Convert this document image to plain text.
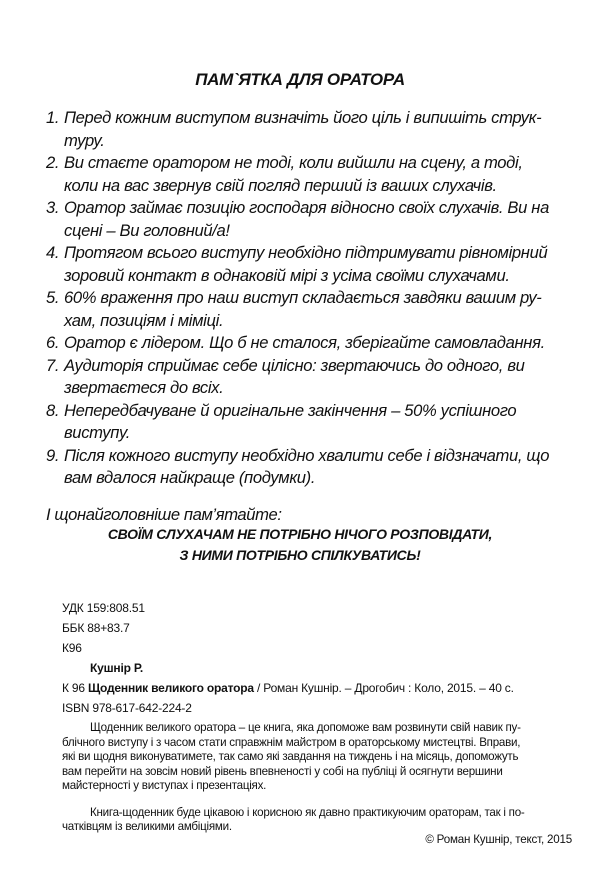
ПАМ`ЯТКА ДЛЯ ОРАТОРА
1. Перед кожним виступом визначіть його ціль і випишіть струк-
туру.
2. Ви стаєте оратором не тоді, коли вийшли на сцену, а тоді,
коли на вас звернув свій погляд перший із ваших слухачів.
3. Оратор займає позицію господаря відносно своїх слухачів. Ви на
сцені – Ви головний/а!
4. Протягом всього виступу необхідно підтримувати рівномірний
зоровий контакт в однаковій мірі з усіма своїми слухачами.
5. 60% враження про наш виступ складається завдяки вашим ру-
хам, позиціям і міміці.
6. Оратор є лідером. Що б не сталося, зберігайте самовладання.
7. Аудиторія сприймає себе цілісно: звертаючись до одного, ви
звертаєтеся до всіх.
8. Непередбачуване й оригінальне закінчення – 50% успішного
виступу.
9. Після кожного виступу необхідно хвалити себе і відзначати, що
вам вдалося найкраще (подумки).
І щонайголовніше пам’ятайте:
СВОЇМ СЛУХАЧАМ НЕ ПОТРІБНО НІЧОГО РОЗПОВІДАТИ,
З НИМИ ПОТРІБНО СПІЛКУВАТИСЬ!
УДК 159:808.51
ББК 88+83.7
К96
Кушнір Р.
К 96 Щоденник великого оратора / Роман Кушнір. – Дрогобич : Коло, 2015. – 40 с.
ISBN 978-617-642-224-2
Щоденник великого оратора – це книга, яка допоможе вам розвинути свій навик пу-
блічного виступу і з часом стати справжнім майстром в ораторському мистецтві. Вправи,
які ви щодня виконуватимете, так само які завдання на тиждень і на місяць, допоможуть
вам перейти на зовсім новий рівень впевненості у собі на публіці й осягнути вершини
майстерності у виступах і презентаціях.
Книга-щоденник буде цікавою і корисною як давно практикуючим ораторам, так і по-
чатківцям із великими амбіціями.
© Роман Кушнір, текст, 2015
